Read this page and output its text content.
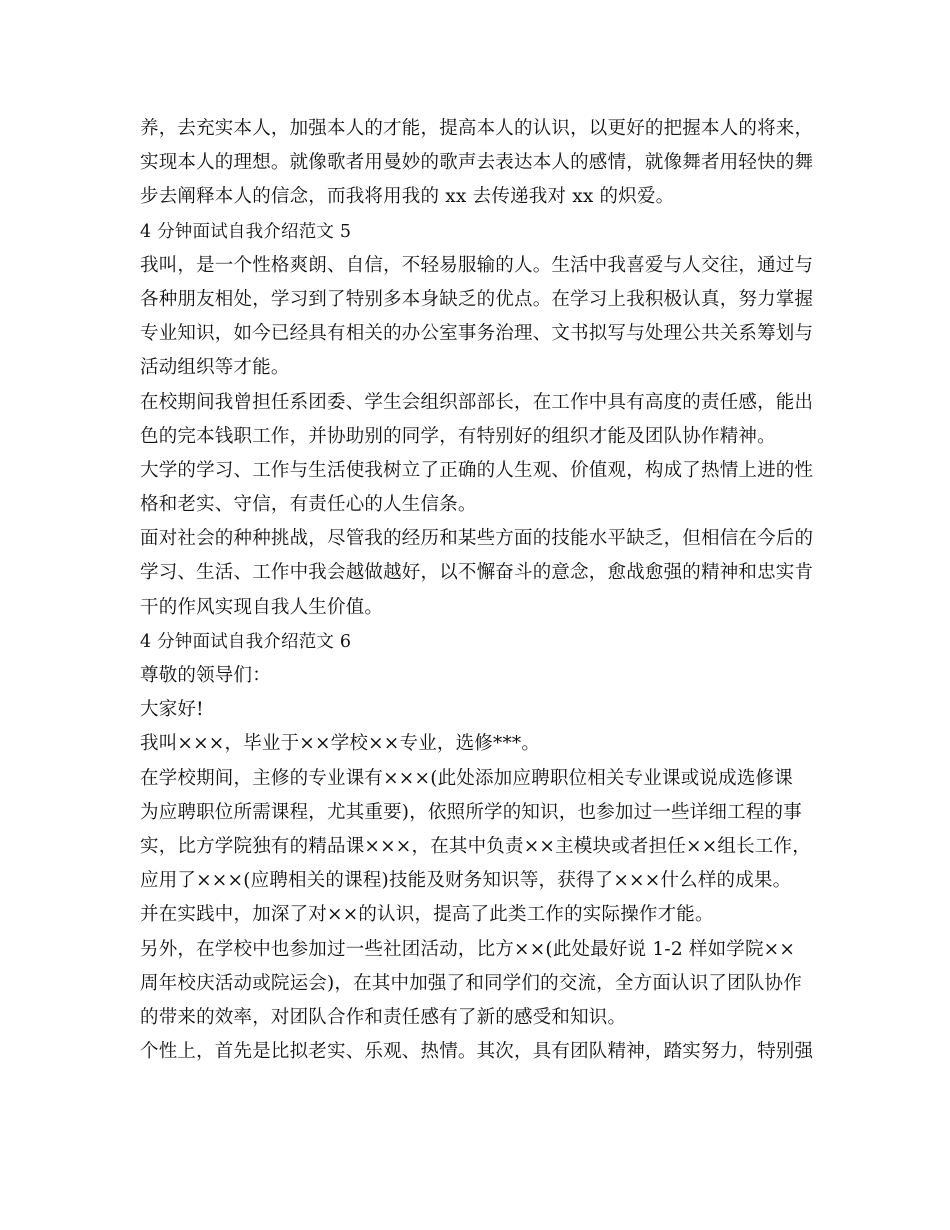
养，去充实本人，加强本人的才能，提高本人的认识，以更好的把握本人的将来，
实现本人的理想。就像歌者用曼妙的歌声去表达本人的感情，就像舞者用轻快的舞
步去阐释本人的信念，而我将用我的 xx 去传递我对 xx 的炽爱。
4 分钟面试自我介绍范文 5
我叫，是一个性格爽朗、自信，不轻易服输的人。生活中我喜爱与人交往，通过与
各种朋友相处，学习到了特别多本身缺乏的优点。在学习上我积极认真，努力掌握
专业知识，如今已经具有相关的办公室事务治理、文书拟写与处理公共关系筹划与
活动组织等才能。
在校期间我曾担任系团委、学生会组织部部长，在工作中具有高度的责任感，能出
色的完本钱职工作，并协助别的同学，有特别好的组织才能及团队协作精神。
大学的学习、工作与生活使我树立了正确的人生观、价值观，构成了热情上进的性
格和老实、守信，有责任心的人生信条。
面对社会的种种挑战，尽管我的经历和某些方面的技能水平缺乏，但相信在今后的
学习、生活、工作中我会越做越好，以不懈奋斗的意念，愈战愈强的精神和忠实肯
干的作风实现自我人生价值。
4 分钟面试自我介绍范文 6
尊敬的领导们：
大家好!
我叫×××，毕业于××学校××专业，选修***。
在学校期间，主修的专业课有×××(此处添加应聘职位相关专业课或说成选修课
为应聘职位所需课程，尤其重要)，依照所学的知识，也参加过一些详细工程的事
实，比方学院独有的精品课×××，在其中负责××主模块或者担任××组长工作，
应用了×××(应聘相关的课程)技能及财务知识等，获得了×××什么样的成果。
并在实践中，加深了对××的认识，提高了此类工作的实际操作才能。
另外，在学校中也参加过一些社团活动，比方××(此处最好说 1-2 样如学院××
周年校庆活动或院运会)，在其中加强了和同学们的交流，全方面认识了团队协作
的带来的效率，对团队合作和责任感有了新的感受和知识。
个性上，首先是比拟老实、乐观、热情。其次，具有团队精神，踏实努力，特别强
